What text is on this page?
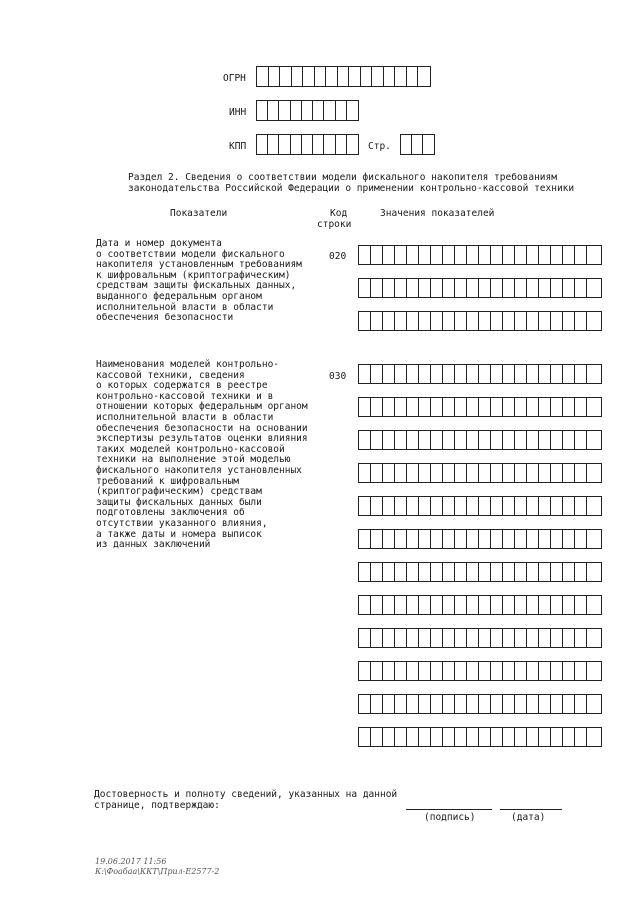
ОГРН
ИНН
КПП	Стр.
Раздел 2. Сведения о соответствии модели фискального накопителя требованиям
законодательства Российской Федерации о применении контрольно-кассовой техники
Показатели	Код
строки
Значения показателей
Дата и номер документа
о соответствии модели фискального
накопителя установленным требованиям
к шифровальным (криптографическим)
средствам защиты фискальных данных,
выданного федеральным органом
исполнительной власти в области
обеспечения безопасности
020
Наименования моделей контрольно-
кассовой техники, сведения
о которых содержатся в реестре
контрольно-кассовой техники и в
отношении которых федеральным органом
исполнительной власти в области
обеспечения безопасности на основании
экспертизы результатов оценки влияния
таких моделей контрольно-кассовой
техники на выполнение этой моделью
фискального накопителя установленных
требований к шифровальным
(криптографическим) средствам
защиты фискальных данных были
подготовлены заключения об
отсутствии указанного влияния,
а также даты и номера выписок
из данных заключений
030
Достоверность и полноту сведений, указанных на данной
странице, подтверждаю:
(подпись)	(дата)
19.06.2017 11:56
К:\Фоабаа\ККТ\Прил-Е2577-2
